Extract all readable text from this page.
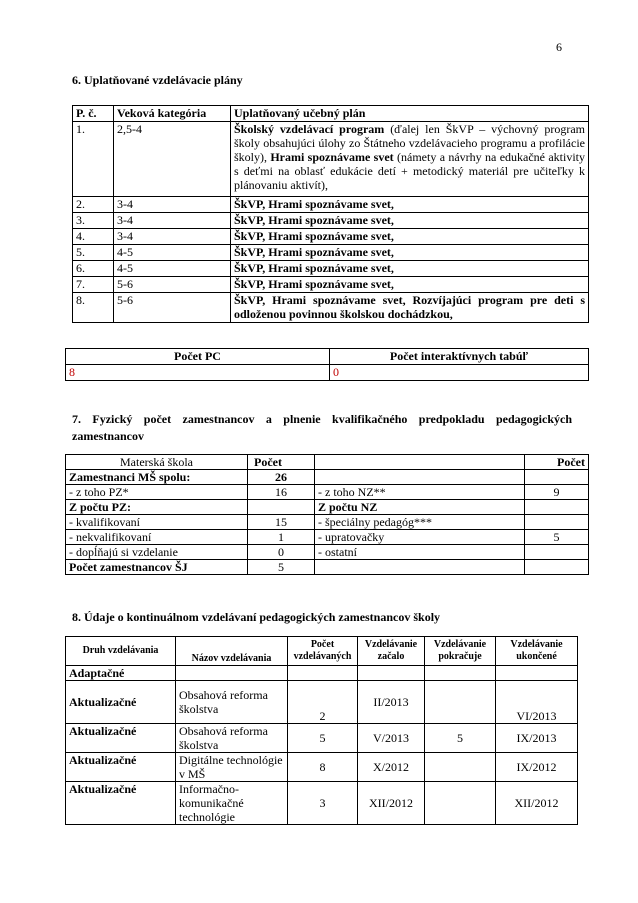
6
6. Uplatňované vzdelávacie plány
P. č.	Veková kategória	Uplatňovaný učebný plán
1.	2,5-4	Školský vzdelávací program (ďalej len ŠkVP – výchovný program školy obsahujúci úlohy zo Štátneho vzdelávacieho programu a profilácie školy), Hrami spoznávame svet (námety a návrhy na edukačné aktivity s deťmi na oblasť edukácie detí + metodický materiál pre učiteľky k plánovaniu aktivít),
2.	3-4	ŠkVP, Hrami spoznávame svet,
3.	3-4	ŠkVP, Hrami spoznávame svet,
4.	3-4	ŠkVP, Hrami spoznávame svet,
5.	4-5	ŠkVP, Hrami spoznávame svet,
6.	4-5	ŠkVP, Hrami spoznávame svet,
7.	5-6	ŠkVP, Hrami spoznávame svet,
8.	5-6	ŠkVP, Hrami spoznávame svet, Rozvíjajúci program pre deti s odloženou povinnou školskou dochádzkou,
Počet PC	Počet interaktívnych tabúľ
8	0
7. Fyzický počet zamestnancov a plnenie kvalifikačného predpokladu pedagogických zamestnancov
Materská škola	Počet		Počet
Zamestnanci MŠ spolu:	26		
- z toho PZ*	16	- z toho NZ**	9
Z počtu PZ:		Z počtu NZ	
- kvalifikovaní	15	- špeciálny pedagóg***	
- nekvalifikovaní	1	- upratovačky	5
- dopĺňajú si vzdelanie	0	- ostatní	
Počet zamestnancov ŠJ	5		
8. Údaje o kontinuálnom vzdelávaní pedagogických zamestnancov školy
Druh vzdelávania	Názov vzdelávania	Počet vzdelávaných	Vzdelávanie začalo	Vzdelávanie pokračuje	Vzdelávanie ukončené
Adaptačné					
Aktualizačné	Obsahová reforma školstva	2	II/2013		VI/2013
Aktualizačné	Obsahová reforma školstva	5	V/2013	5	IX/2013
Aktualizačné	Digitálne technológie v MŠ	8	X/2012		IX/2012
Aktualizačné	Informačno-komunikačné technológie	3	XII/2012		XII/2012
